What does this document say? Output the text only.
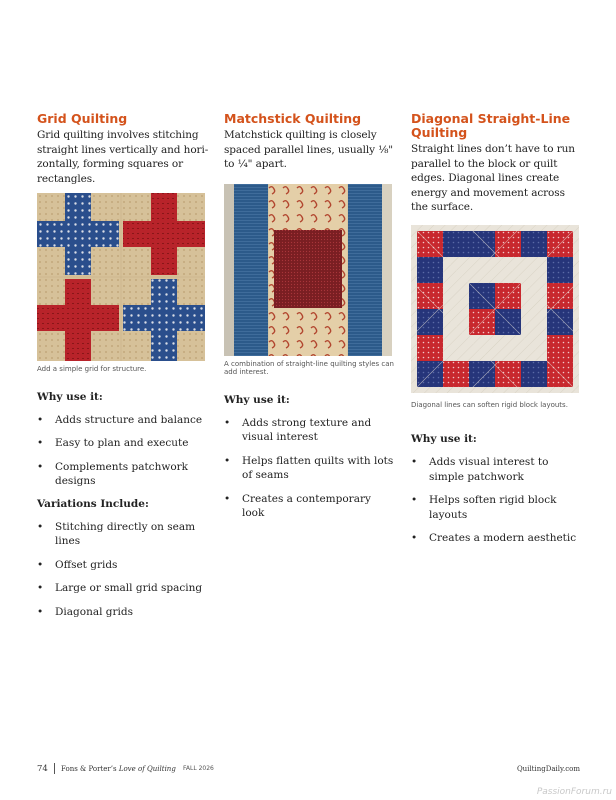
Grid Quilting

Grid quilting involves stitching straight lines vertically and hori-zontally, forming squares or rectangles.

Add a simple grid for structure.

Why use it:

• Adds structure and balance
• Easy to plan and execute
• Complements patchwork designs

Variations Include:

• Stitching directly on seam lines
• Offset grids
• Large or small grid spacing
• Diagonal grids
Matchstick Quilting

Matchstick quilting is closely spaced parallel lines, usually ⅛" to ¼" apart.

A combination of straight-line quilting styles can add interest.

Why use it:

• Adds strong texture and visual interest
• Helps flatten quilts with lots of seams
• Creates a contemporary look
Diagonal Straight-Line Quilting

Straight lines don’t have to run parallel to the block or quilt edges. Diagonal lines create energy and movement across the surface.

Diagonal lines can soften rigid block layouts.

Why use it:

• Adds visual interest to simple patchwork
• Helps soften rigid block layouts
• Creates a modern aesthetic
74 Fons & Porter’s Love of Quilting FALL 2026	QuiltingDaily.com
PassionForum.ru
